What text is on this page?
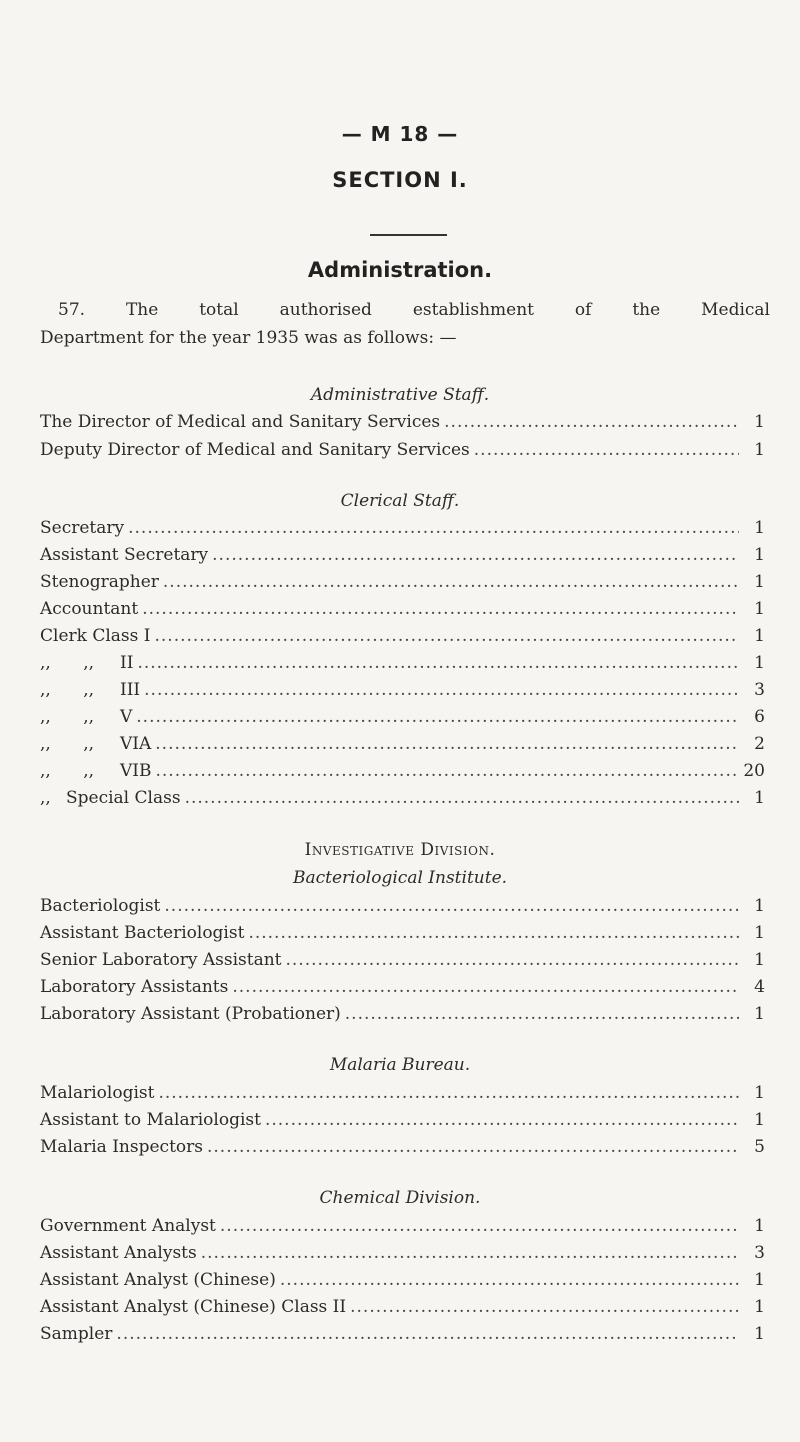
— M 18 —
SECTION I.
Administration.
57. The total authorised establishment of the Medical
Department for the year 1935 was as follows: —
Administrative Staff.
The Director of Medical and Sanitary Services .....	1
Deputy Director of Medical and Sanitary Services .....	1
Clerical Staff.
Secretary .....	1
Assistant Secretary .....	1
Stenographer .....	1
Accountant .....	1
Clerk Class I .....	1
,,      ,, II .....	1
,,      ,, III .....	3
,,      ,, V .....	6
,,      ,, VIA .....	2
,,      ,, VIB .....	20
,, Special Class .....	1
Investigative Division.
Bacteriological Institute.
Bacteriologist .....	1
Assistant Bacteriologist .....	1
Senior Laboratory Assistant .....	1
Laboratory Assistants .....	4
Laboratory Assistant (Probationer) .....	1
Malaria Bureau.
Malariologist .....	1
Assistant to Malariologist .....	1
Malaria Inspectors .....	5
Chemical Division.
Government Analyst .....	1
Assistant Analysts .....	3
Assistant Analyst (Chinese) .....	1
Assistant Analyst (Chinese) Class II .....	1
Sampler .....	1
